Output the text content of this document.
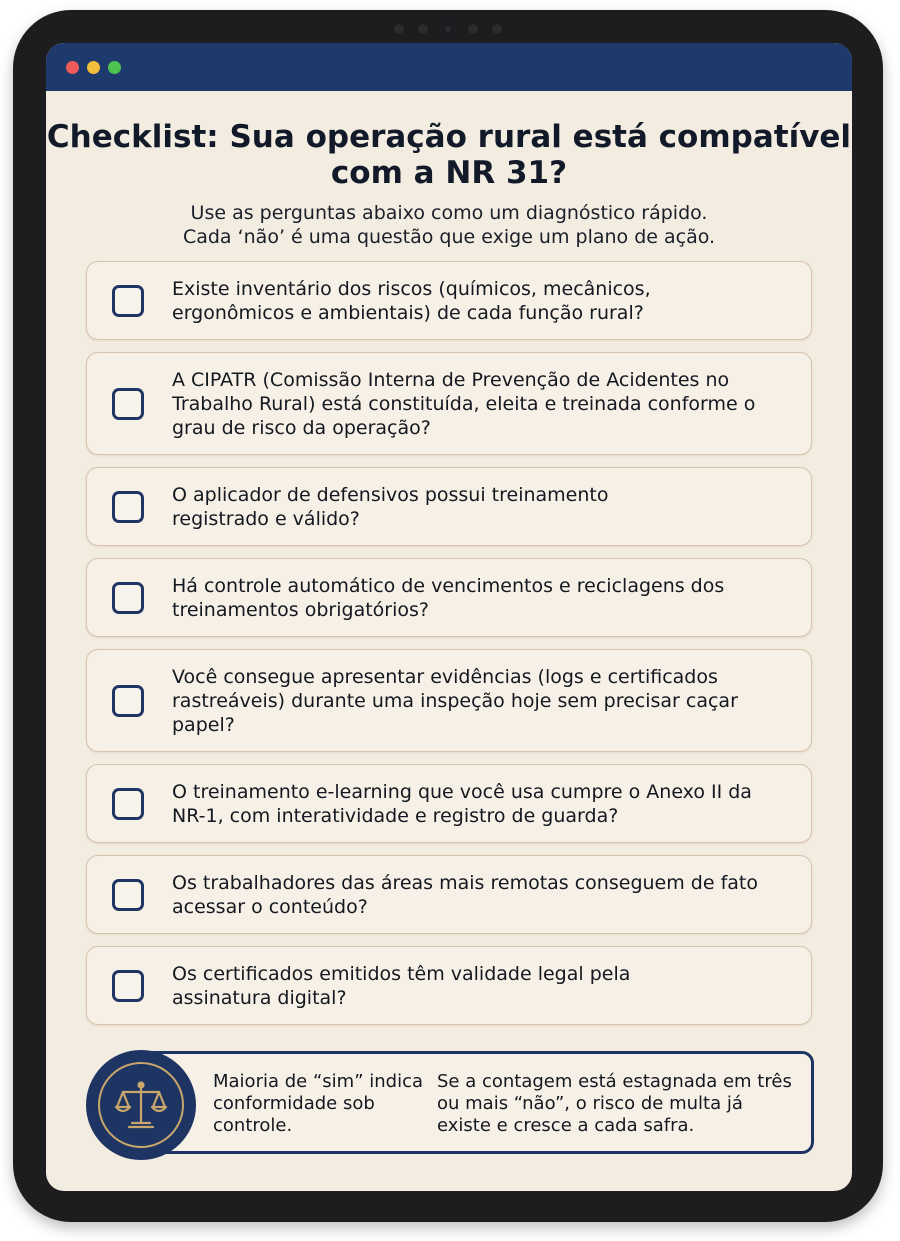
Checklist: Sua operação rural está compatível com a NR 31?
Use as perguntas abaixo como um diagnóstico rápido.
Cada ‘não’ é uma questão que exige um plano de ação.
Existe inventário dos riscos (químicos, mecânicos, ergonômicos e ambientais) de cada função rural?
A CIPATR (Comissão Interna de Prevenção de Acidentes no Trabalho Rural) está constituída, eleita e treinada conforme o grau de risco da operação?
O aplicador de defensivos possui treinamento registrado e válido?
Há controle automático de vencimentos e reciclagens dos treinamentos obrigatórios?
Você consegue apresentar evidências (logs e certificados rastreáveis) durante uma inspeção hoje sem precisar caçar papel?
O treinamento e-learning que você usa cumpre o Anexo II da NR-1, com interatividade e registro de guarda?
Os trabalhadores das áreas mais remotas conseguem de fato acessar o conteúdo?
Os certificados emitidos têm validade legal pela assinatura digital?
Maioria de “sim” indica conformidade sob controle.
Se a contagem está estagnada em três ou mais “não”, o risco de multa já existe e cresce a cada safra.
